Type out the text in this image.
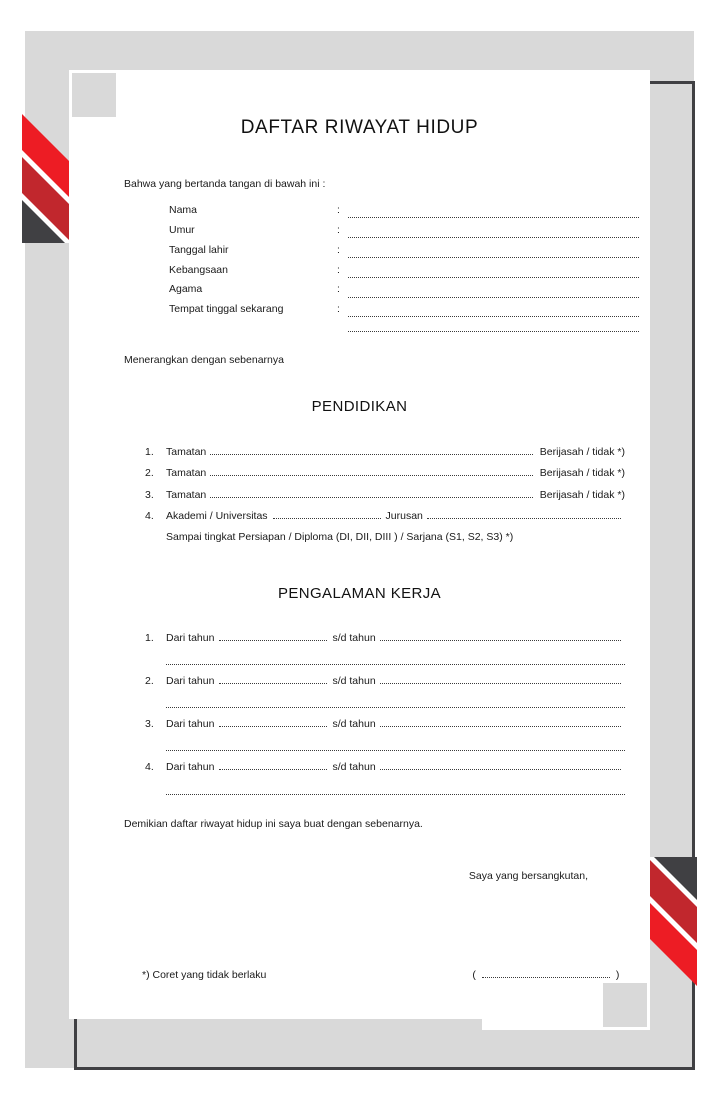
DAFTAR RIWAYAT HIDUP
Bahwa yang bertanda tangan di bawah ini :
Nama	:	

Umur	:	

Tanggal lahir	:	

Kebangsaan	:	

Agama	:	

Tempat tinggal sekarang	:	

Menerangkan dengan sebenarnya
PENDIDIKAN
1.	Tamatan	Berijasah / tidak *)
2.	Tamatan	Berijasah / tidak *)
3.	Tamatan	Berijasah / tidak *)
4.	Akademi / Universitas	Jurusan
Sampai tingkat Persiapan / Diploma (DI, DII, DIII ) / Sarjana (S1, S2, S3) *)
PENGALAMAN KERJA
1.	Dari tahun	s/d tahun
2.	Dari tahun	s/d tahun
3.	Dari tahun	s/d tahun
4.	Dari tahun	s/d tahun
Demikian daftar riwayat hidup ini saya buat dengan sebenarnya.
Saya yang bersangkutan,
*) Coret yang tidak berlaku	(	)
